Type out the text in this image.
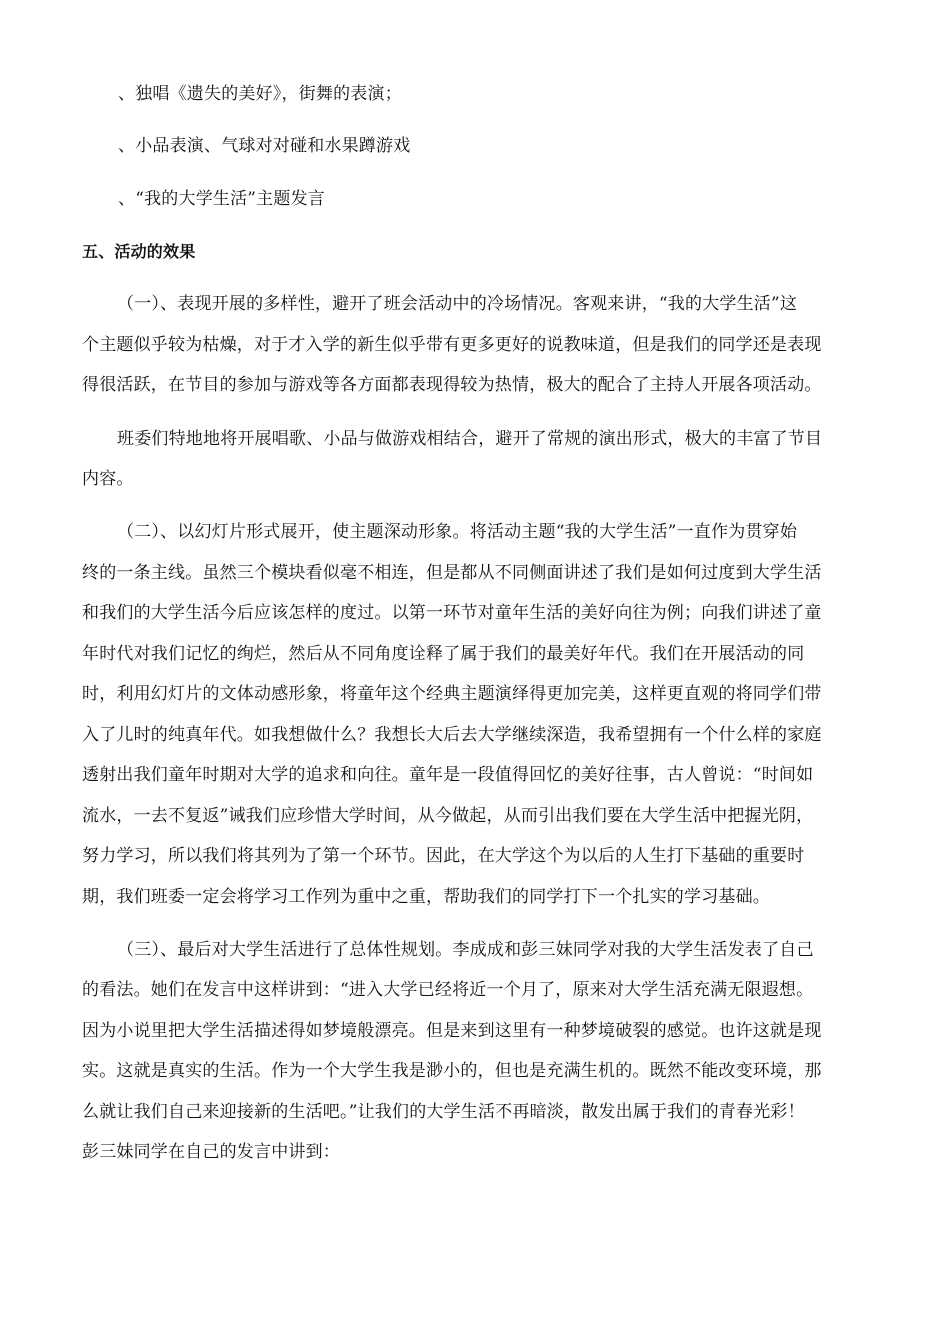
、独唱《遗失的美好》，街舞的表演；
、小品表演、气球对对碰和水果蹲游戏
、“我的大学生活”主题发言
五、活动的效果
（一）、表现开展的多样性，避开了班会活动中的冷场情况。客观来讲，“我的大学生活”这
个主题似乎较为枯燥，对于才入学的新生似乎带有更多更好的说教味道，但是我们的同学还是表现
得很活跃，在节目的参加与游戏等各方面都表现得较为热情，极大的配合了主持人开展各项活动。
班委们特地地将开展唱歌、小品与做游戏相结合，避开了常规的演出形式，极大的丰富了节目
内容。
（二）、以幻灯片形式展开，使主题深动形象。将活动主题“我的大学生活”一直作为贯穿始
终的一条主线。虽然三个模块看似毫不相连，但是都从不同侧面讲述了我们是如何过度到大学生活
和我们的大学生活今后应该怎样的度过。以第一环节对童年生活的美好向往为例；向我们讲述了童
年时代对我们记忆的绚烂，然后从不同角度诠释了属于我们的最美好年代。我们在开展活动的同
时，利用幻灯片的文体动感形象，将童年这个经典主题演绎得更加完美，这样更直观的将同学们带
入了儿时的纯真年代。如我想做什么？我想长大后去大学继续深造，我希望拥有一个什么样的家庭
透射出我们童年时期对大学的追求和向往。童年是一段值得回忆的美好往事，古人曾说：“时间如
流水，一去不复返”诫我们应珍惜大学时间，从今做起，从而引出我们要在大学生活中把握光阴，
努力学习，所以我们将其列为了第一个环节。因此，在大学这个为以后的人生打下基础的重要时
期，我们班委一定会将学习工作列为重中之重，帮助我们的同学打下一个扎实的学习基础。
（三）、最后对大学生活进行了总体性规划。李成成和彭三妹同学对我的大学生活发表了自己
的看法。她们在发言中这样讲到：“进入大学已经将近一个月了，原来对大学生活充满无限遐想。
因为小说里把大学生活描述得如梦境般漂亮。但是来到这里有一种梦境破裂的感觉。也许这就是现
实。这就是真实的生活。作为一个大学生我是渺小的，但也是充满生机的。既然不能改变环境，那
么就让我们自己来迎接新的生活吧。”让我们的大学生活不再暗淡，散发出属于我们的青春光彩！
彭三妹同学在自己的发言中讲到：
